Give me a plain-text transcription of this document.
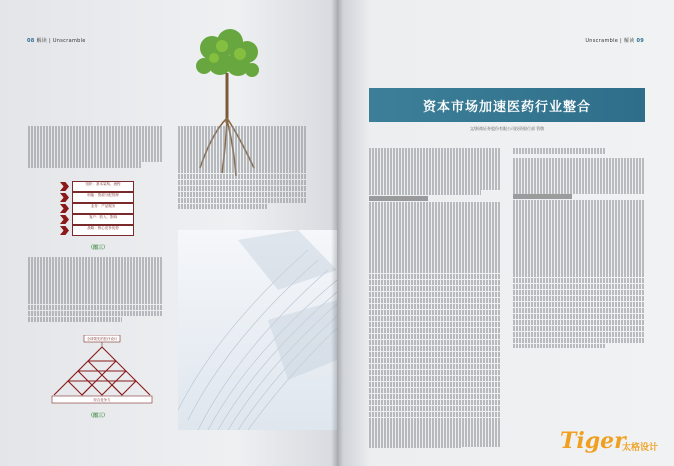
08 解读 | Unscramble
组织：基本架构、流程
职能：资源分配管理
业务：产品服务
客户：收入、影响
战略：核心竞争优势
（图三）
全球领先的医疗设计
综合竞争力
（图三）
Unscramble | 解读 09
资本市场加速医药行业整合
文/浙商证券股份有限公司投资银行部 管敬
Tiger
太格设计
